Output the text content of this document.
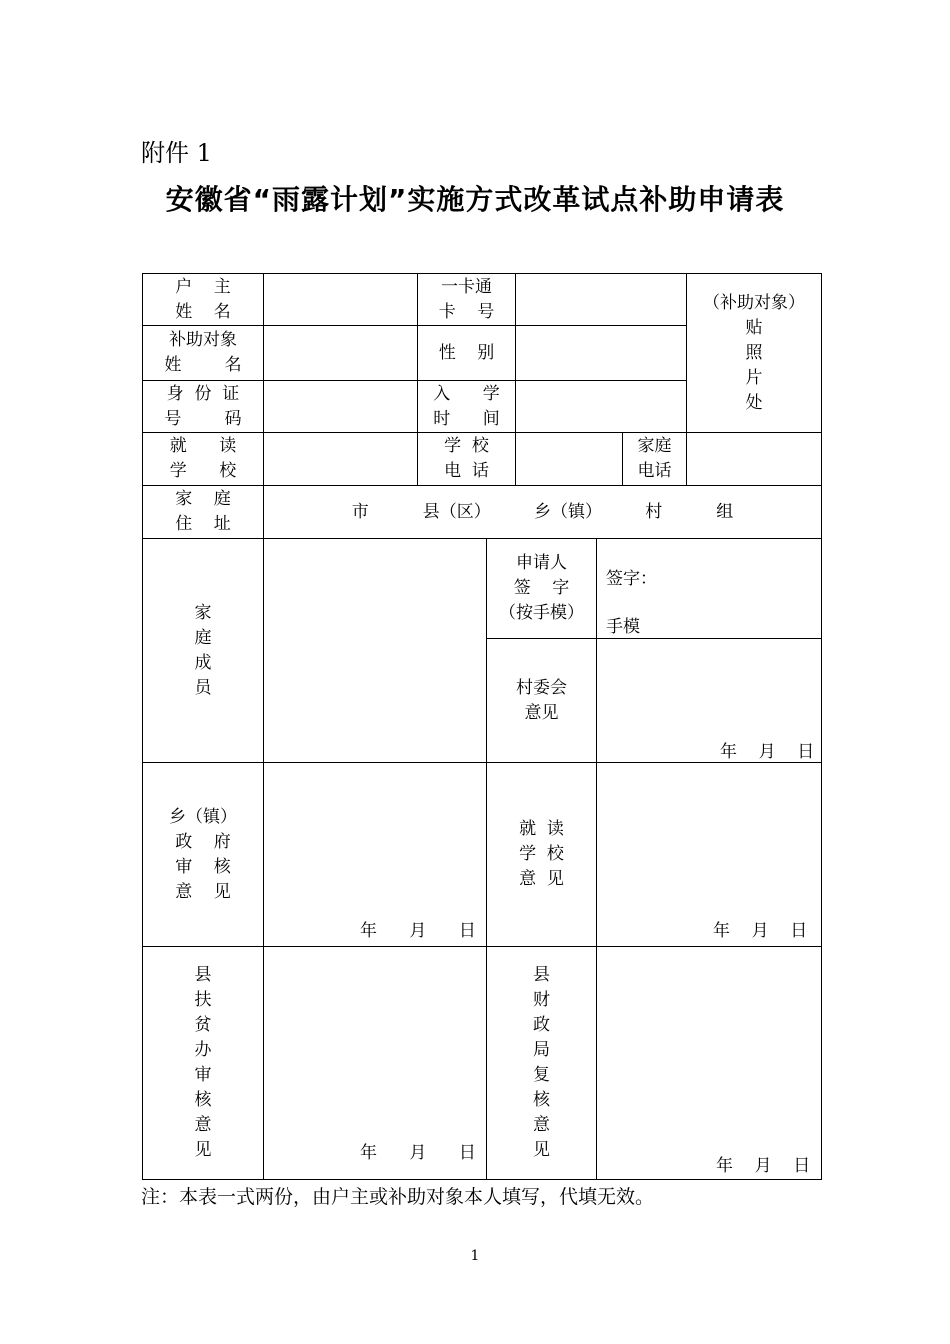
附件 1
安徽省“雨露计划”实施方式改革试点补助申请表
户    主
姓    名
一卡通
卡    号	（补助对象）
贴
照
片
处
补助对象
姓        名
性    别
身  份  证
号        码
入      学
时      间
就      读
学      校
学  校
电  话
家庭
电话
家    庭
住    址
市          县（区）        乡（镇）        村          组
家
庭
成
员
申请人
签    字
（按手模）
村委会
意见
乡（镇）
政    府
审    核
意    见
就  读
学  校
意  见
县
扶
贫
办
审
核
意
见
县
财
政
局
复
核
意
见
签字：
手模
年    月    日
年      月      日	年    月    日
年      月      日
年    月    日
注：本表一式两份，由户主或补助对象本人填写，代填无效。
1
